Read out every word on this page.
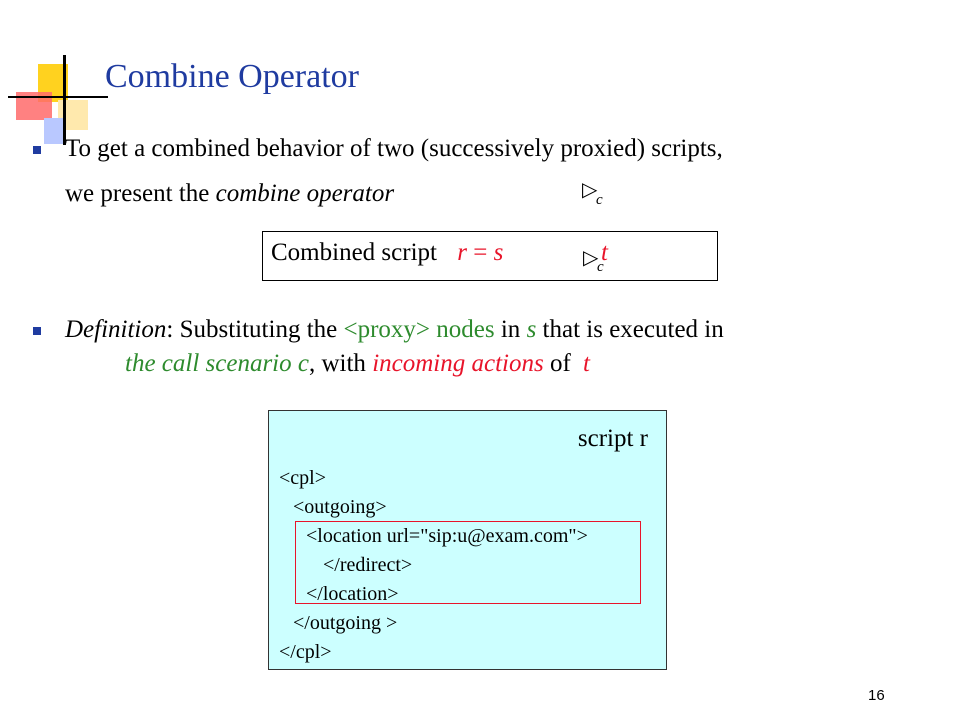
Combine Operator
To get a combined behavior of two (successively proxied) scripts,
we present the combine operator	▷
c
Combined script r = s	▷
c
t
Definition: Substituting the <proxy> nodes in s that is executed in
the call scenario c, with incoming actions of t
script r
<cpl>
<outgoing>
<location url="sip:u@exam.com">
</redirect>
</location>
</outgoing >
</cpl>
16
